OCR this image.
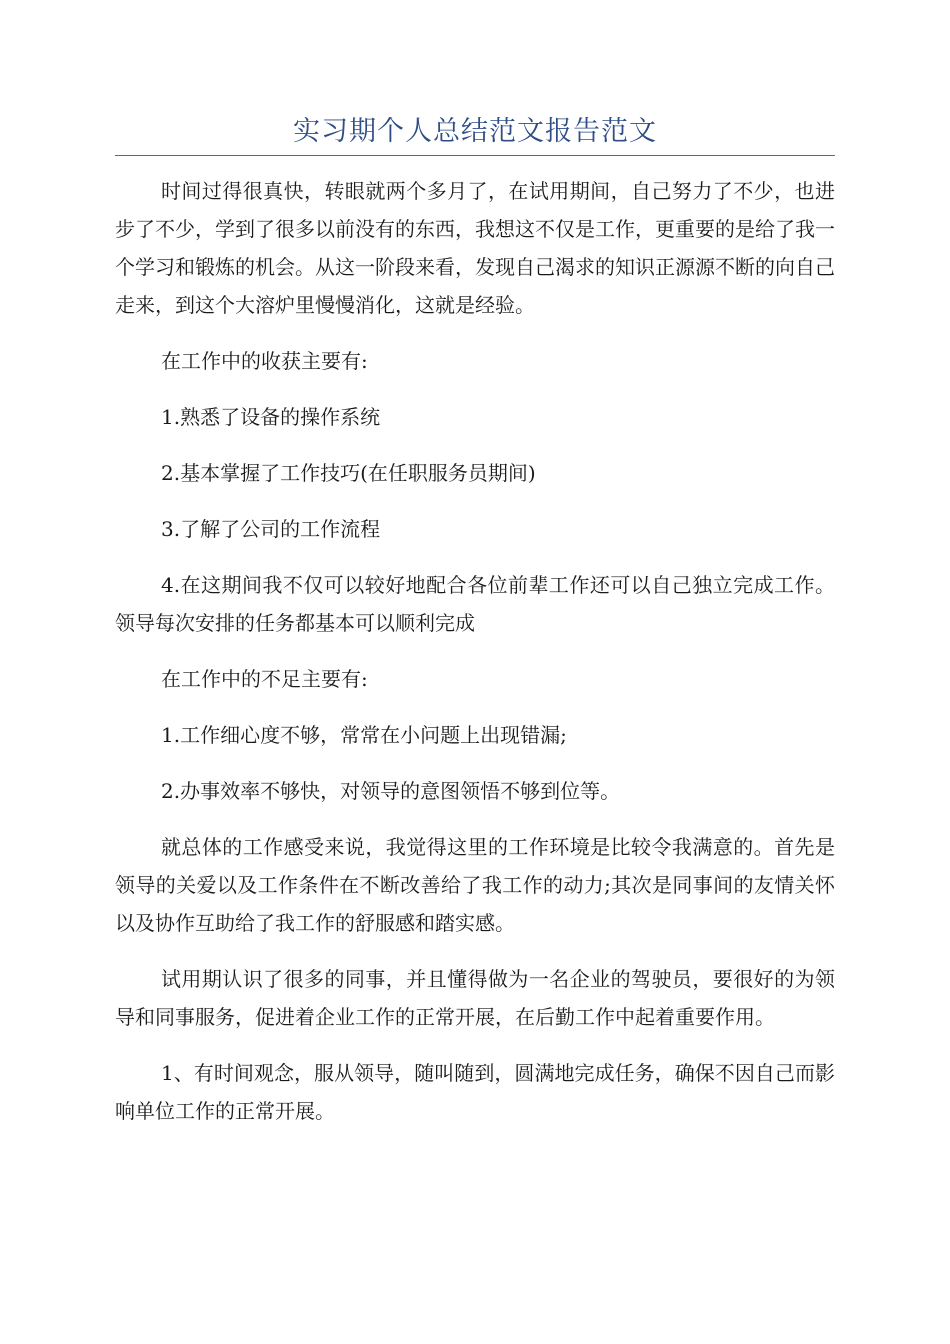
实习期个人总结范文报告范文

时间过得很真快，转眼就两个多月了，在试用期间，自己努力了不少，也进步了不少，学到了很多以前没有的东西，我想这不仅是工作，更重要的是给了我一个学习和锻炼的机会。从这一阶段来看，发现自己渴求的知识正源源不断的向自己走来，到这个大溶炉里慢慢消化，这就是经验。

在工作中的收获主要有:

1.熟悉了设备的操作系统

2.基本掌握了工作技巧(在任职服务员期间)

3.了解了公司的工作流程

4.在这期间我不仅可以较好地配合各位前辈工作还可以自己独立完成工作。领导每次安排的任务都基本可以顺利完成

在工作中的不足主要有:

1.工作细心度不够，常常在小问题上出现错漏;

2.办事效率不够快，对领导的意图领悟不够到位等。

就总体的工作感受来说，我觉得这里的工作环境是比较令我满意的。首先是领导的关爱以及工作条件在不断改善给了我工作的动力;其次是同事间的友情关怀以及协作互助给了我工作的舒服感和踏实感。

试用期认识了很多的同事，并且懂得做为一名企业的驾驶员，要很好的为领导和同事服务，促进着企业工作的正常开展，在后勤工作中起着重要作用。

1、有时间观念，服从领导，随叫随到，圆满地完成任务，确保不因自己而影响单位工作的正常开展。
